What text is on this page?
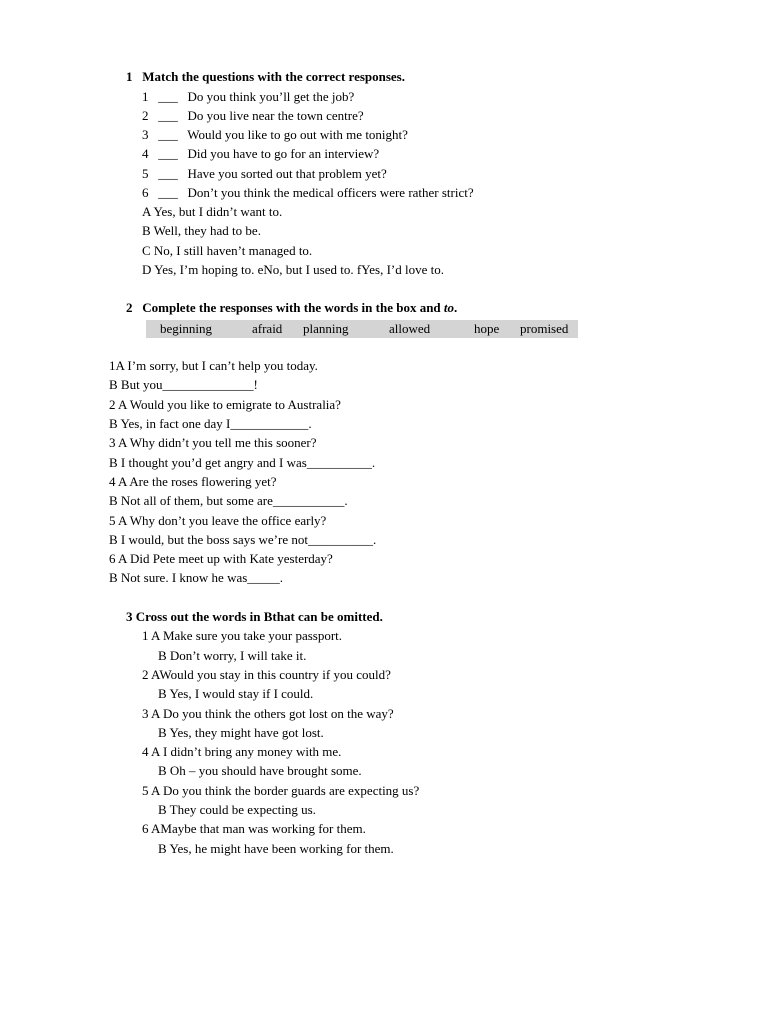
1   Match the questions with the correct responses.
1   ___   Do you think you’ll get the job?
2   ___   Do you live near the town centre?
3   ___   Would you like to go out with me tonight?
4   ___   Did you have to go for an interview?
5   ___   Have you sorted out that problem yet?
6   ___   Don’t you think the medical officers were rather strict?
A Yes, but I didn’t want to.
B Well, they had to be.
C No, I still haven’t managed to.
D Yes, I’m hoping to. eNo, but I used to. fYes, I’d love to.
2   Complete the responses with the words in the box and to.
beginning	afraid planning	allowed	hope promised
1A I’m sorry, but I can’t help you today.
B But you______________!
2 A Would you like to emigrate to Australia?
B Yes, in fact one day I____________.
3 A Why didn’t you tell me this sooner?
B I thought you’d get angry and I was__________.
4 A Are the roses flowering yet?
B Not all of them, but some are___________.
5 A Why don’t you leave the office early?
B I would, but the boss says we’re not__________.
6 A Did Pete meet up with Kate yesterday?
B Not sure. I know he was_____.
3 Cross out the words in Bthat can be omitted.
1 A Make sure you take your passport.
B Don’t worry, I will take it.
2 AWould you stay in this country if you could?
B Yes, I would stay if I could.
3 A Do you think the others got lost on the way?
B Yes, they might have got lost.
4 A I didn’t bring any money with me.
B Oh – you should have brought some.
5 A Do you think the border guards are expecting us?
B They could be expecting us.
6 AMaybe that man was working for them.
B Yes, he might have been working for them.
